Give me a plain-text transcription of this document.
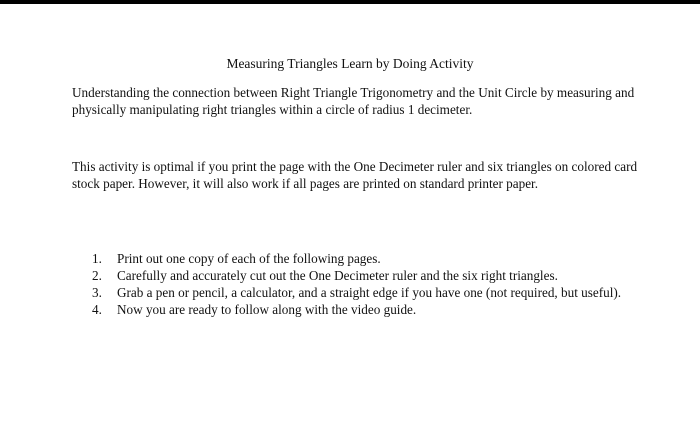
Measuring Triangles Learn by Doing Activity

Understanding the connection between Right Triangle Trigonometry and the Unit Circle by measuring and physically manipulating right triangles within a circle of radius 1 decimeter.

This activity is optimal if you print the page with the One Decimeter ruler and six triangles on colored card stock paper. However, it will also work if all pages are printed on standard printer paper.

1.	Print out one copy of each of the following pages.
2.	Carefully and accurately cut out the One Decimeter ruler and the six right triangles.
3.	Grab a pen or pencil, a calculator, and a straight edge if you have one (not required, but useful).
4.	Now you are ready to follow along with the video guide.
